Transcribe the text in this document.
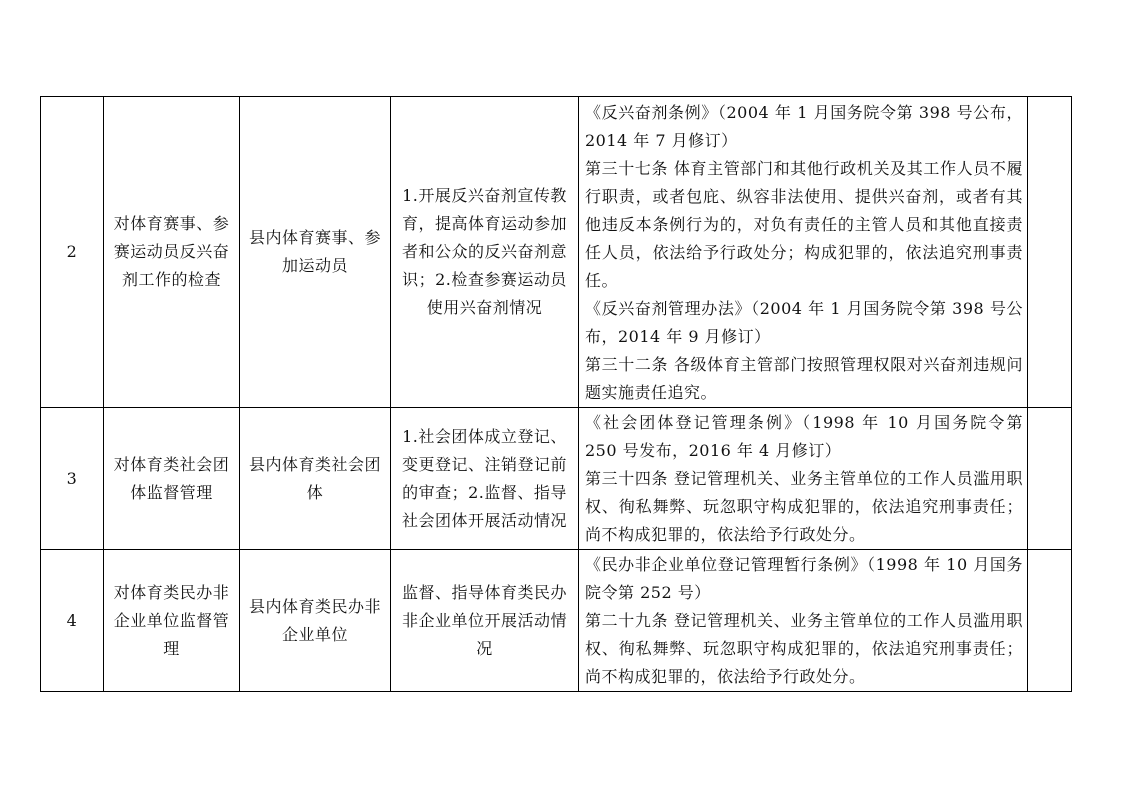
2	对体育赛事、参赛运动员反兴奋剂工作的检查	县内体育赛事、参加运动员	1.开展反兴奋剂宣传教育，提高体育运动参加者和公众的反兴奋剂意识；2.检查参赛运动员使用兴奋剂情况	《反兴奋剂条例》（2004 年 1 月国务院令第 398 号公布，2014 年 7 月修订）

第三十七条 体育主管部门和其他行政机关及其工作人员不履行职责，或者包庇、纵容非法使用、提供兴奋剂，或者有其他违反本条例行为的，对负有责任的主管人员和其他直接责任人员，依法给予行政处分；构成犯罪的，依法追究刑事责任。

《反兴奋剂管理办法》（2004 年 1 月国务院令第 398 号公布，2014 年 9 月修订）

第三十二条 各级体育主管部门按照管理权限对兴奋剂违规问题实施责任追究。	

3	对体育类社会团体监督管理	县内体育类社会团体	1.社会团体成立登记、变更登记、注销登记前的审查；2.监督、指导社会团体开展活动情况	《社会团体登记管理条例》（1998 年 10 月国务院令第 250 号发布，2016 年 4 月修订）

第三十四条 登记管理机关、业务主管单位的工作人员滥用职权、徇私舞弊、玩忽职守构成犯罪的，依法追究刑事责任；尚不构成犯罪的，依法给予行政处分。	

4	对体育类民办非企业单位监督管理	县内体育类民办非企业单位	监督、指导体育类民办非企业单位开展活动情况	《民办非企业单位登记管理暂行条例》（1998 年 10 月国务院令第 252 号）

第二十九条 登记管理机关、业务主管单位的工作人员滥用职权、徇私舞弊、玩忽职守构成犯罪的，依法追究刑事责任；尚不构成犯罪的，依法给予行政处分。	
